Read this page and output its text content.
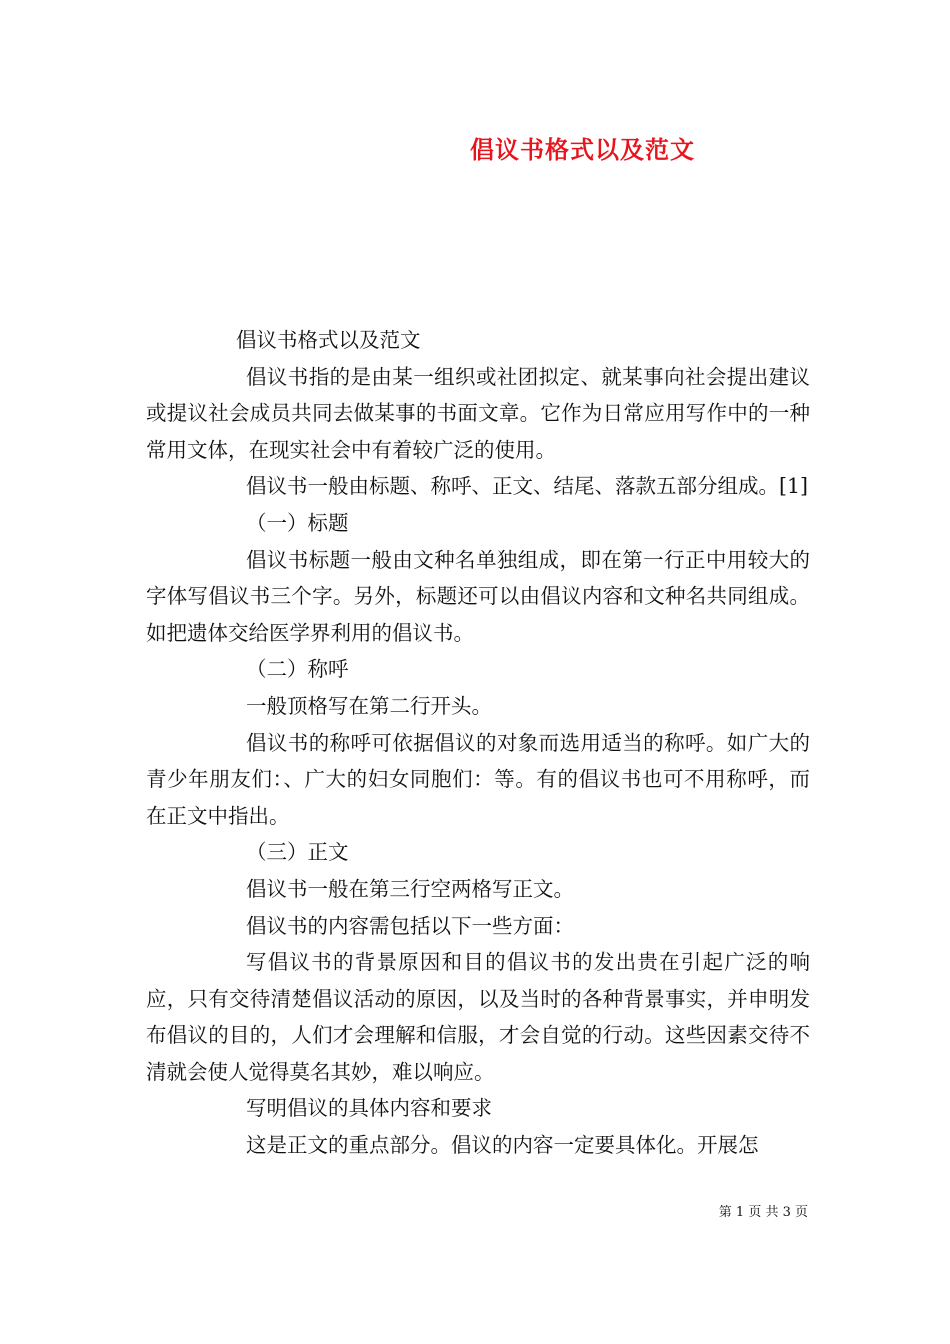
倡议书格式以及范文

倡议书格式以及范文

倡议书指的是由某一组织或社团拟定、就某事向社会提出建议或提议社会成员共同去做某事的书面文章。它作为日常应用写作中的一种常用文体，在现实社会中有着较广泛的使用。

倡议书一般由标题、称呼、正文、结尾、落款五部分组成。[1]

（一）标题

倡议书标题一般由文种名单独组成，即在第一行正中用较大的字体写倡议书三个字。另外，标题还可以由倡议内容和文种名共同组成。如把遗体交给医学界利用的倡议书。

（二）称呼

一般顶格写在第二行开头。

倡议书的称呼可依据倡议的对象而选用适当的称呼。如广大的青少年朋友们：、广大的妇女同胞们：等。有的倡议书也可不用称呼，而在正文中指出。

（三）正文

倡议书一般在第三行空两格写正文。

倡议书的内容需包括以下一些方面：

写倡议书的背景原因和目的倡议书的发出贵在引起广泛的响应，只有交待清楚倡议活动的原因，以及当时的各种背景事实，并申明发布倡议的目的，人们才会理解和信服，才会自觉的行动。这些因素交待不清就会使人觉得莫名其妙，难以响应。

写明倡议的具体内容和要求

这是正文的重点部分。倡议的内容一定要具体化。开展怎

第 1 页 共 3 页
